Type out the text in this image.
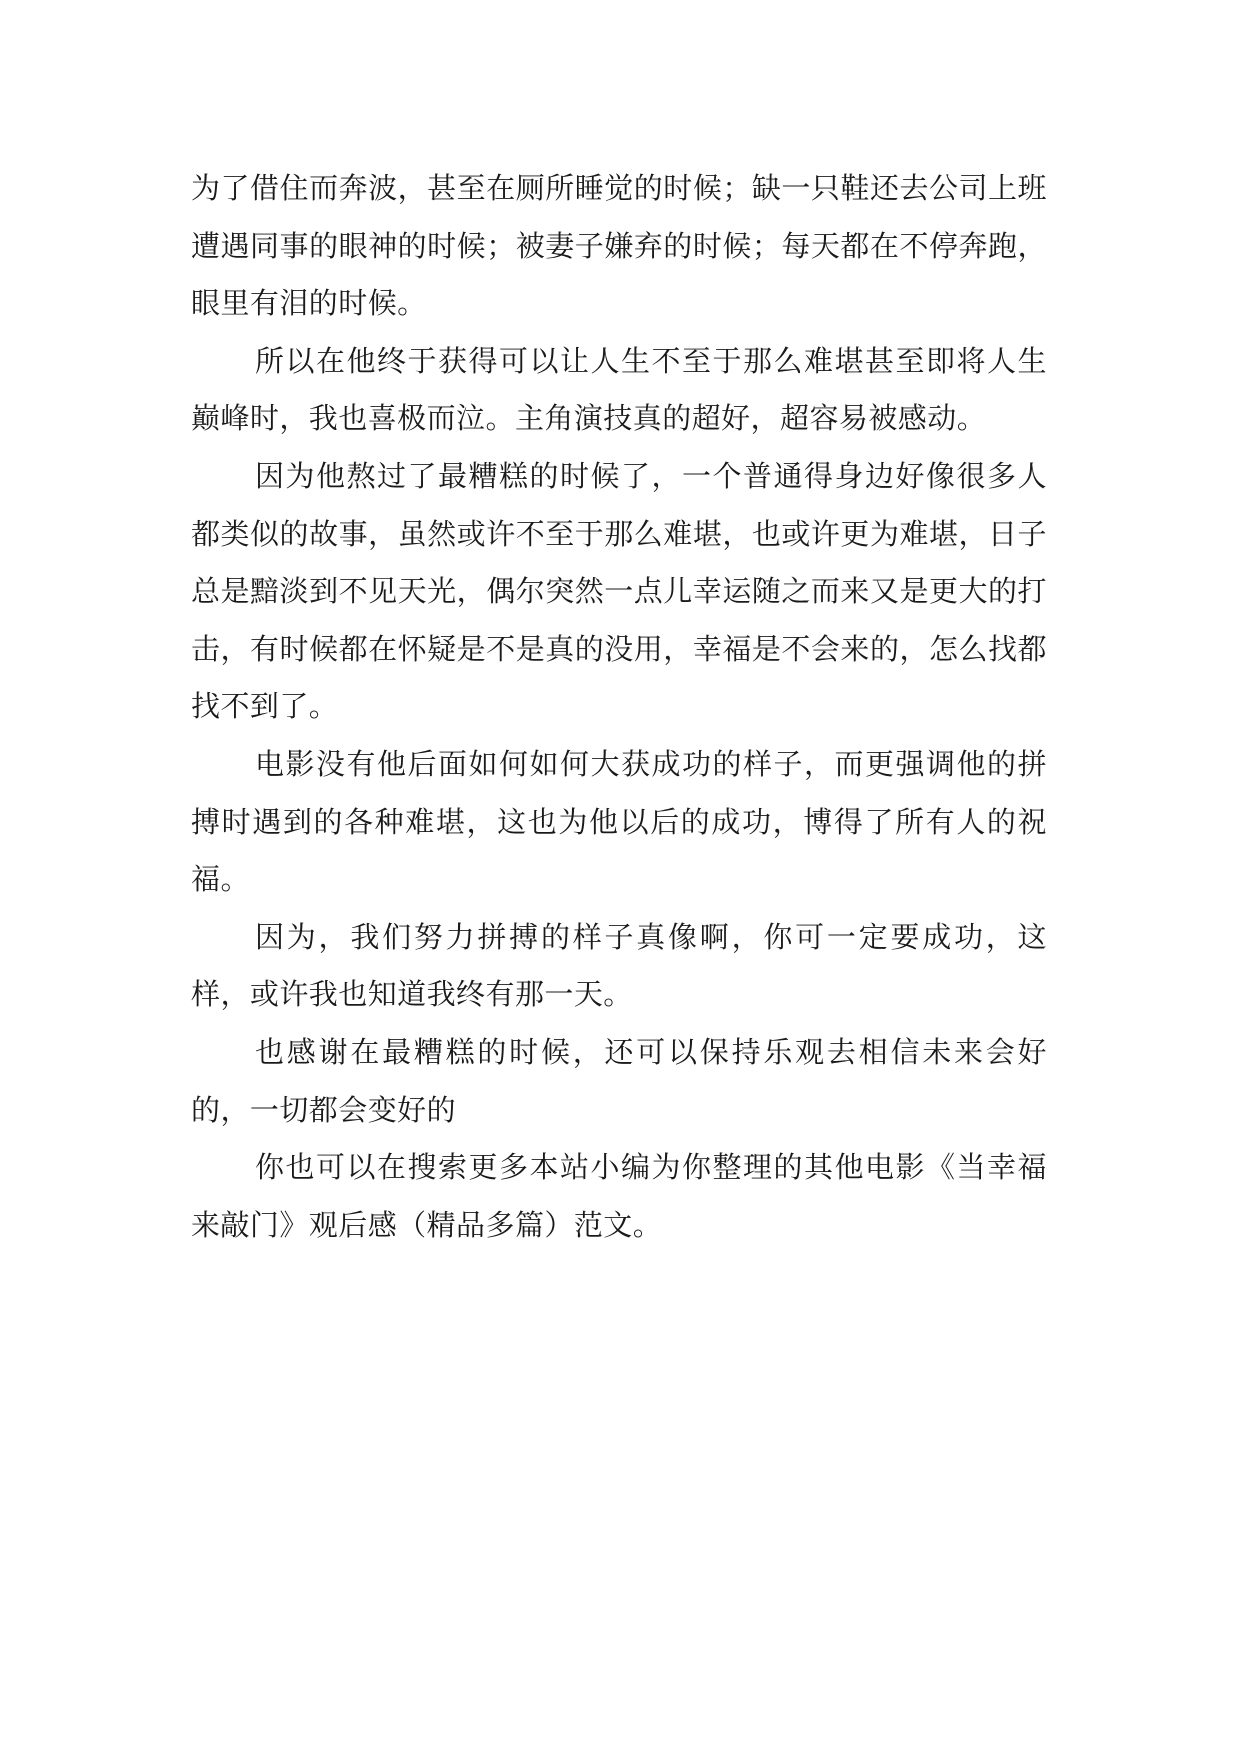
为了借住而奔波，甚至在厕所睡觉的时候；缺一只鞋还去公司上班遭遇同事的眼神的时候；被妻子嫌弃的时候；每天都在不停奔跑，眼里有泪的时候。

所以在他终于获得可以让人生不至于那么难堪甚至即将人生巅峰时，我也喜极而泣。主角演技真的超好，超容易被感动。

因为他熬过了最糟糕的时候了，一个普通得身边好像很多人都类似的故事，虽然或许不至于那么难堪，也或许更为难堪，日子总是黯淡到不见天光，偶尔突然一点儿幸运随之而来又是更大的打击，有时候都在怀疑是不是真的没用，幸福是不会来的，怎么找都找不到了。

电影没有他后面如何如何大获成功的样子，而更强调他的拼搏时遇到的各种难堪，这也为他以后的成功，博得了所有人的祝福。

因为，我们努力拼搏的样子真像啊，你可一定要成功，这样，或许我也知道我终有那一天。

也感谢在最糟糕的时候，还可以保持乐观去相信未来会好的，一切都会变好的

你也可以在搜索更多本站小编为你整理的其他电影《当幸福来敲门》观后感（精品多篇）范文。
